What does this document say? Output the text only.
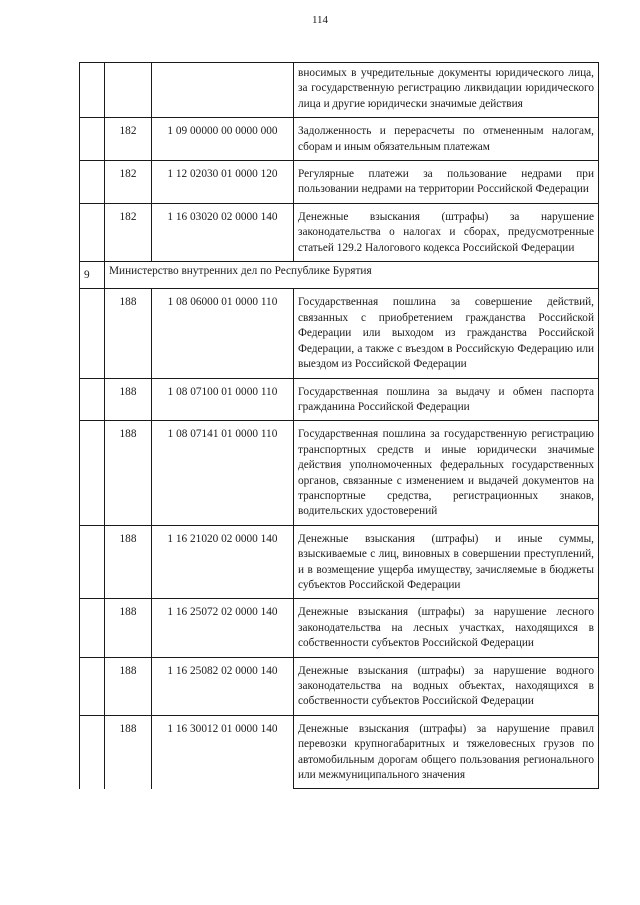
114
			вносимых в учредительные документы юридического лица, за государственную регистрацию ликвидации юридического лица и другие юридически значимые действия
	182	1 09 00000 00 0000 000	Задолженность и перерасчеты по отмененным налогам, сборам и иным обязательным платежам
	182	1 12 02030 01 0000 120	Регулярные платежи за пользование недрами при пользовании недрами на территории Российской Федерации
	182	1 16 03020 02 0000 140	Денежные взыскания (штрафы) за нарушение законодательства о налогах и сборах, предусмотренные статьей 129.2 Налогового кодекса Российской Федерации
9	Министерство внутренних дел по Республике Бурятия		
	188	1 08 06000 01 0000 110	Государственная пошлина за совершение действий, связанных с приобретением гражданства Российской Федерации или выходом из гражданства Российской Федерации, а также с въездом в Российскую Федерацию или выездом из Российской Федерации
	188	1 08 07100 01 0000 110	Государственная пошлина за выдачу и обмен паспорта гражданина Российской Федерации
	188	1 08 07141 01 0000 110	Государственная пошлина за государственную регистрацию транспортных средств и иные юридически значимые действия уполномоченных федеральных государственных органов, связанные с изменением и выдачей документов на транспортные средства, регистрационных знаков, водительских удостоверений
	188	1 16 21020 02 0000 140	Денежные взыскания (штрафы) и иные суммы, взыскиваемые с лиц, виновных в совершении преступлений, и в возмещение ущерба имуществу, зачисляемые в бюджеты субъектов Российской Федерации
	188	1 16 25072 02 0000 140	Денежные взыскания (штрафы) за нарушение лесного законодательства на лесных участках, находящихся в собственности субъектов Российской Федерации
	188	1 16 25082 02 0000 140	Денежные взыскания (штрафы) за нарушение водного законодательства на водных объектах, находящихся в собственности субъектов Российской Федерации
	188	1 16 30012 01 0000 140	Денежные взыскания (штрафы) за нарушение правил перевозки крупногабаритных и тяжеловесных грузов по автомобильным дорогам общего пользования регионального или межмуниципального значения
